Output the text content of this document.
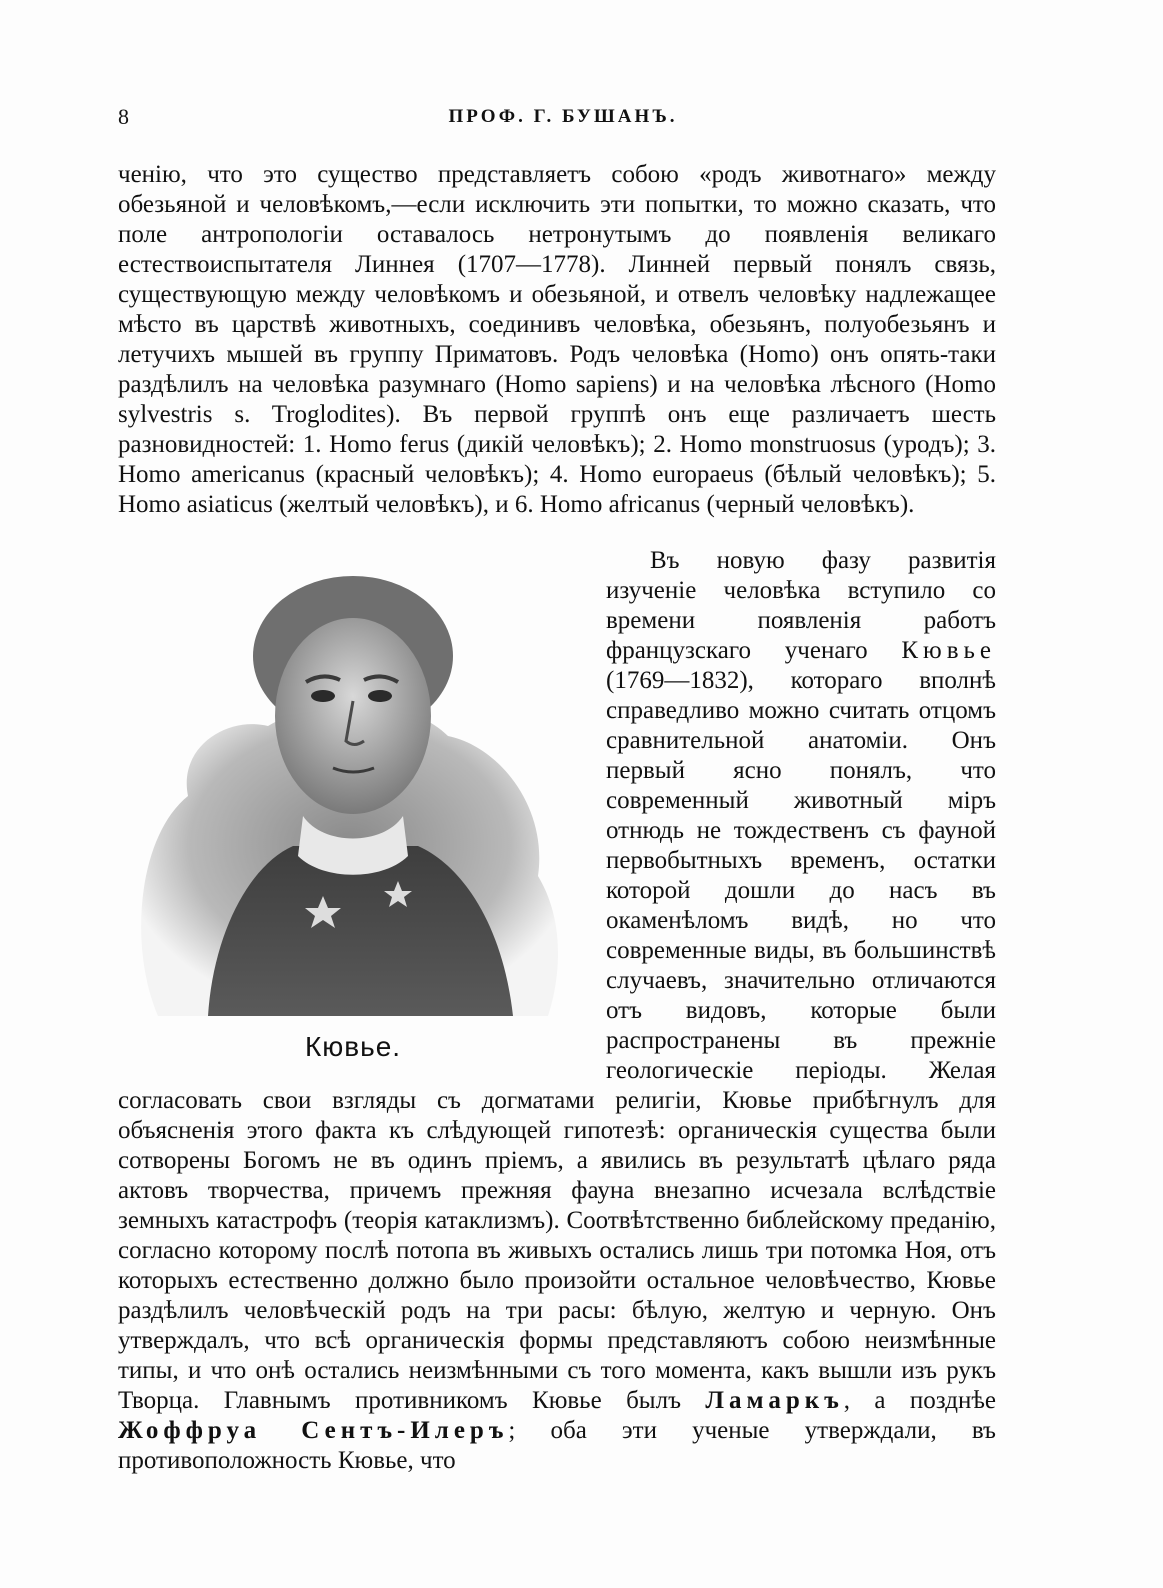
8	ПРОФ. Г. БУШАНЪ.

ченію, что это существо представляетъ собою «родъ животнаго» между обезьяной и человѣкомъ,—если исключить эти попытки, то можно сказать, что поле антропологіи оставалось нетронутымъ до появленія великаго естествоиспытателя Линнея (1707—1778). Линней первый понялъ связь, существующую между человѣкомъ и обезьяной, и отвелъ человѣку надлежащее мѣсто въ царствѣ животныхъ, соединивъ человѣка, обезьянъ, полуобезьянъ и летучихъ мышей въ группу Приматовъ. Родъ человѣка (Homo) онъ опять-таки раздѣлилъ на человѣка разумнаго (Homo sapiens) и на человѣка лѣсного (Homo sylvestris s. Troglodites). Въ первой группѣ онъ еще различаетъ шесть разновидностей: 1. Homo ferus (дикій человѣкъ); 2. Homo monstruosus (уродъ); 3. Homo americanus (красный человѣкъ); 4. Homo europaeus (бѣлый человѣкъ); 5. Homo asiaticus (желтый человѣкъ), и 6. Homo africanus (черный человѣкъ).

Кювье.

Въ новую фазу развитія изученіе человѣка вступило со времени появленія работъ французскаго ученаго Кювье (1769—1832), котораго вполнѣ справедливо можно считать отцомъ сравнительной анатоміи. Онъ первый ясно понялъ, что современный животный міръ отнюдь не тождественъ съ фауной первобытныхъ временъ, остатки которой дошли до насъ въ окаменѣломъ видѣ, но что современные виды, въ большинствѣ случаевъ, значительно отличаются отъ видовъ, которые были распространены въ прежніе геологическіе періоды. Желая согласовать свои взгляды съ догматами религіи, Кювье прибѣгнулъ для объясненія этого факта къ слѣдующей гипотезѣ: органическія существа были сотворены Богомъ не въ одинъ пріемъ, а явились въ результатѣ цѣлаго ряда актовъ творчества, причемъ прежняя фауна внезапно исчезала вслѣдствіе земныхъ катастрофъ (теорія катаклизмъ). Соотвѣтственно библейскому преданію, согласно которому послѣ потопа въ живыхъ остались лишь три потомка Ноя, отъ которыхъ естественно должно было произойти остальное человѣчество, Кювье раздѣлилъ человѣческій родъ на три расы: бѣлую, желтую и черную. Онъ утверждалъ, что всѣ органическія формы представляютъ собою неизмѣнные типы, и что онѣ остались неизмѣнными съ того момента, какъ вышли изъ рукъ Творца. Главнымъ противникомъ Кювье былъ Ламаркъ, а позднѣе Жоффруа Сентъ-Илеръ; оба эти ученые утверждали, въ противоположность Кювье, что
